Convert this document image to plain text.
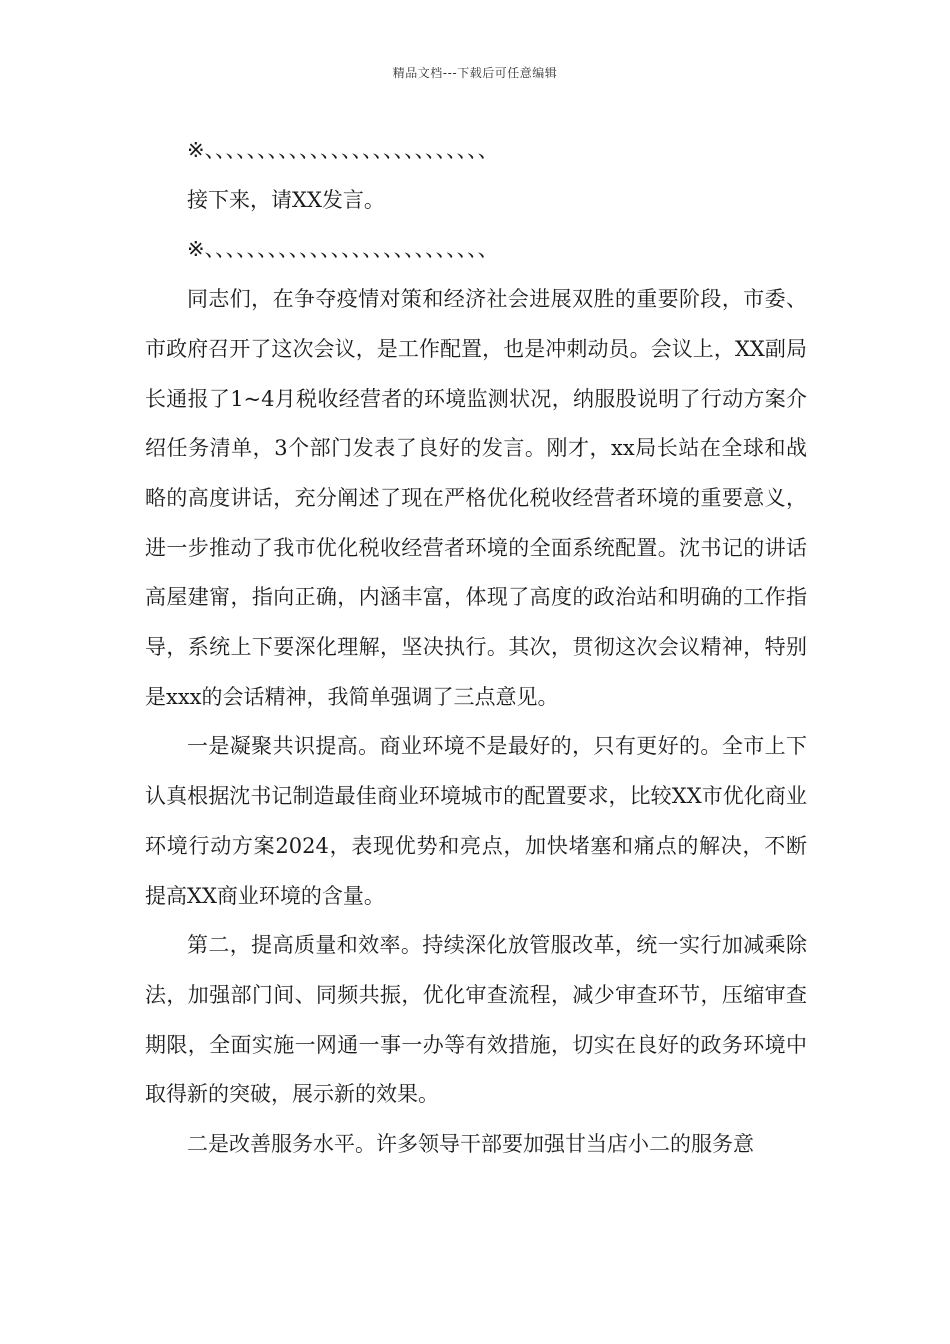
精品文档---下载后可任意编辑

※、、、、、、、、、、、、、、、、、、、、、、、、、、、

接下来，请XX发言。

※、、、、、、、、、、、、、、、、、、、、、、、、、、、

同志们，在争夺疫情对策和经济社会进展双胜的重要阶段，市委、市政府召开了这次会议，是工作配置，也是冲刺动员。会议上，XX副局长通报了1~4月税收经营者的环境监测状况，纳服股说明了行动方案介绍任务清单，3个部门发表了良好的发言。刚才，xx局长站在全球和战略的高度讲话，充分阐述了现在严格优化税收经营者环境的重要意义，进一步推动了我市优化税收经营者环境的全面系统配置。沈书记的讲话高屋建甯，指向正确，内涵丰富，体现了高度的政治站和明确的工作指导，系统上下要深化理解，坚决执行。其次，贯彻这次会议精神，特别是xxx的会话精神，我简单强调了三点意见。

一是凝聚共识提高。商业环境不是最好的，只有更好的。全市上下认真根据沈书记制造最佳商业环境城市的配置要求，比较XX市优化商业环境行动方案2024，表现优势和亮点，加快堵塞和痛点的解决，不断提高XX商业环境的含量。

第二，提高质量和效率。持续深化放管服改革，统一实行加减乘除法，加强部门间、同频共振，优化审查流程，减少审查环节，压缩审查期限，全面实施一网通一事一办等有效措施，切实在良好的政务环境中取得新的突破，展示新的效果。

二是改善服务水平。许多领导干部要加强甘当店小二的服务意
